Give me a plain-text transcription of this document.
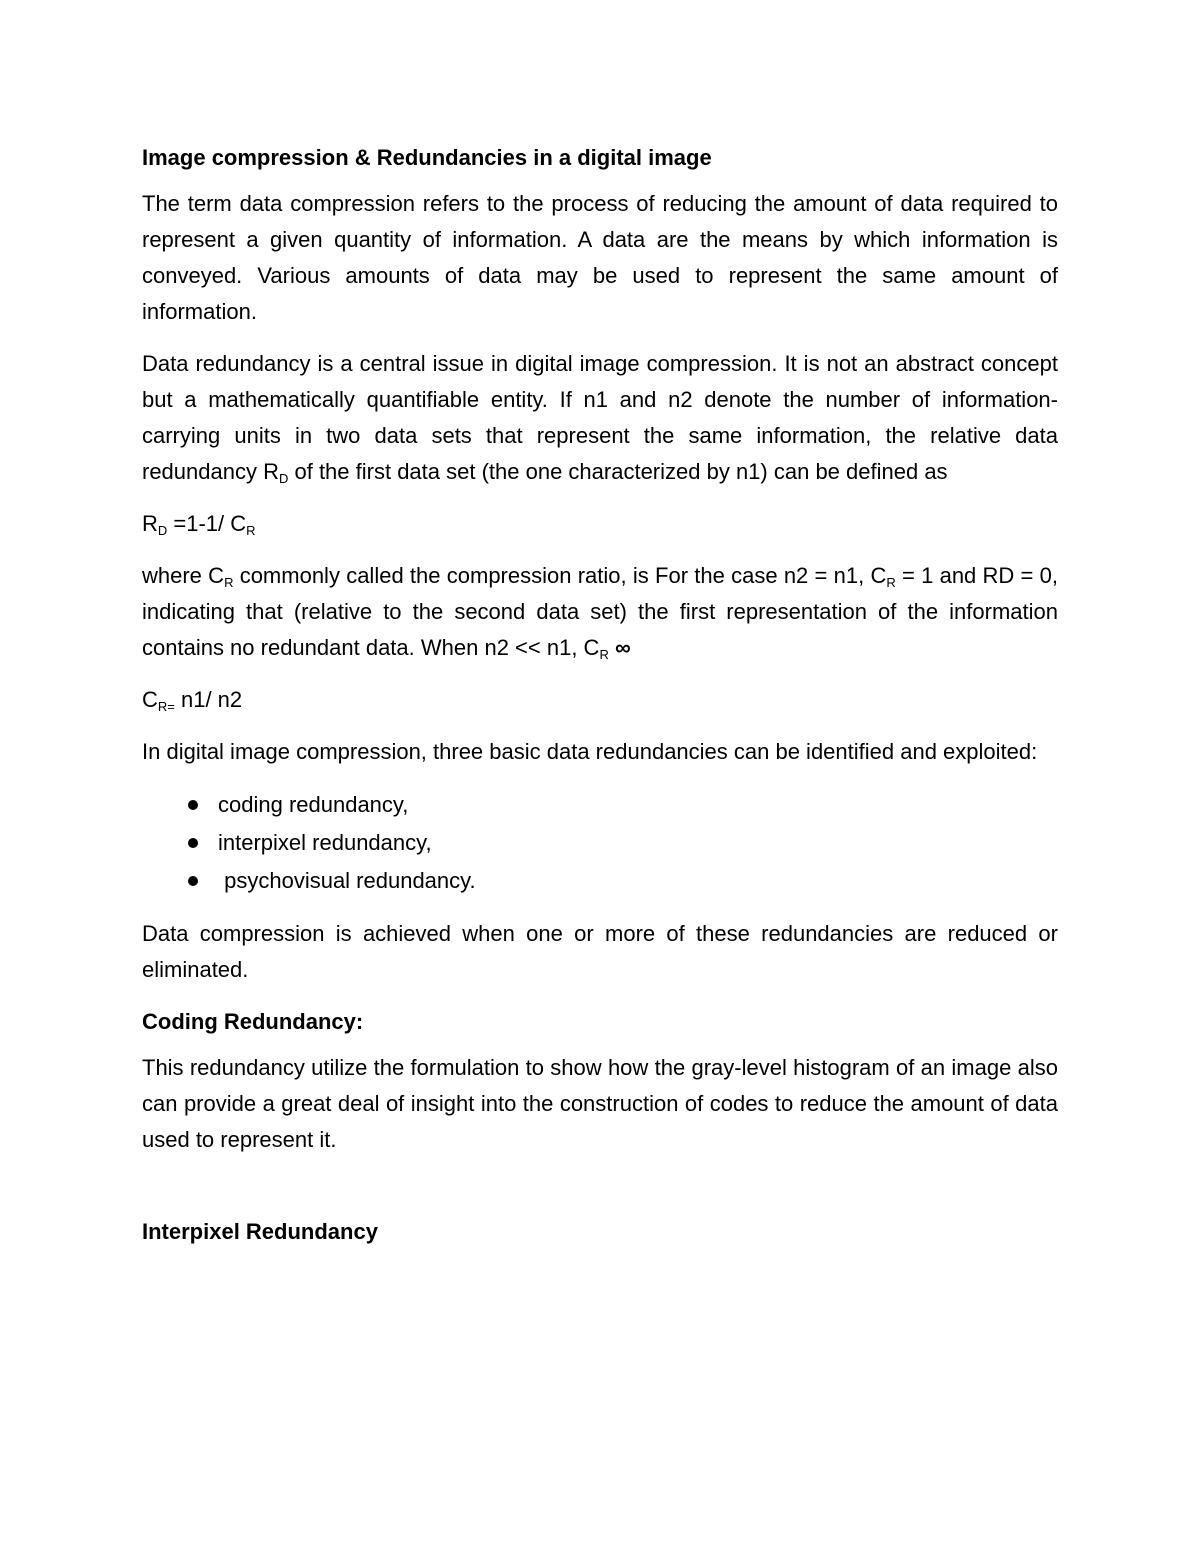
Image compression & Redundancies in a digital image

The term data compression refers to the process of reducing the amount of data required to represent a given quantity of information. A data are the means by which information is conveyed. Various amounts of data may be used to represent the same amount of information.

Data redundancy is a central issue in digital image compression. It is not an abstract concept but a mathematically quantifiable entity. If n1 and n2 denote the number of information-carrying units in two data sets that represent the same information, the relative data redundancy $R_D$ of the first data set (the one characterized by n1) can be defined as

$R_D =1-1/$ $C_R$

where $C_R$ commonly called the compression ratio, is For the case n2 = n1, $C_R = 1$ and RD = 0, indicating that (relative to the second data set) the first representation of the information contains no redundant data. When n2 << n1, $C_R$ ∞

$C_{R=}$ n1/ n2

In digital image compression, three basic data redundancies can be identified and exploited:

coding redundancy,
interpixel redundancy,
psychovisual redundancy.

Data compression is achieved when one or more of these redundancies are reduced or eliminated.

Coding Redundancy:

This redundancy utilize the formulation to show how the gray-level histogram of an image also can provide a great deal of insight into the construction of codes to reduce the amount of data used to represent it.

Interpixel Redundancy
